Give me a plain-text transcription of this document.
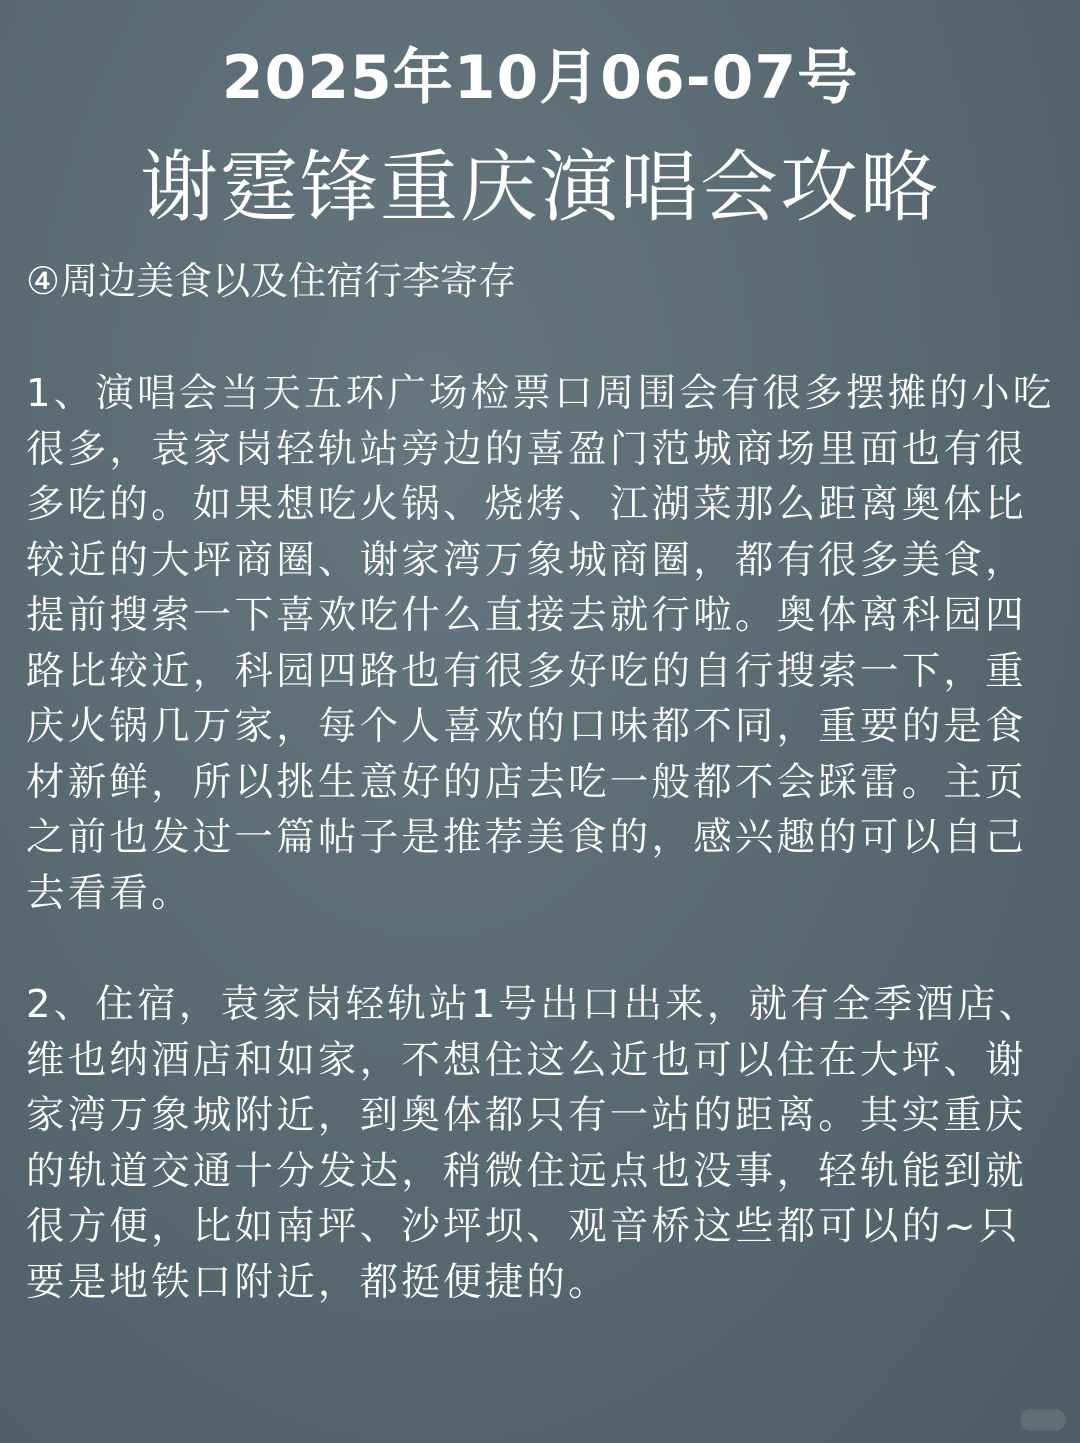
2025年10月06-07号
谢霆锋重庆演唱会攻略
④周边美食以及住宿行李寄存

1、演唱会当天五环广场检票口周围会有很多摆摊的小吃很多，袁家岗轻轨站旁边的喜盈门范城商场里面也有很多吃的。如果想吃火锅、烧烤、江湖菜那么距离奥体比较近的大坪商圈、谢家湾万象城商圈，都有很多美食，提前搜索一下喜欢吃什么直接去就行啦。奥体离科园四路比较近，科园四路也有很多好吃的自行搜索一下，重庆火锅几万家，每个人喜欢的口味都不同，重要的是食材新鲜，所以挑生意好的店去吃一般都不会踩雷。主页之前也发过一篇帖子是推荐美食的，感兴趣的可以自己去看看。

2、住宿，袁家岗轻轨站1号出口出来，就有全季酒店、维也纳酒店和如家，不想住这么近也可以住在大坪、谢家湾万象城附近，到奥体都只有一站的距离。其实重庆的轨道交通十分发达，稍微住远点也没事，轻轨能到就很方便，比如南坪、沙坪坝、观音桥这些都可以的~只要是地铁口附近，都挺便捷的。
